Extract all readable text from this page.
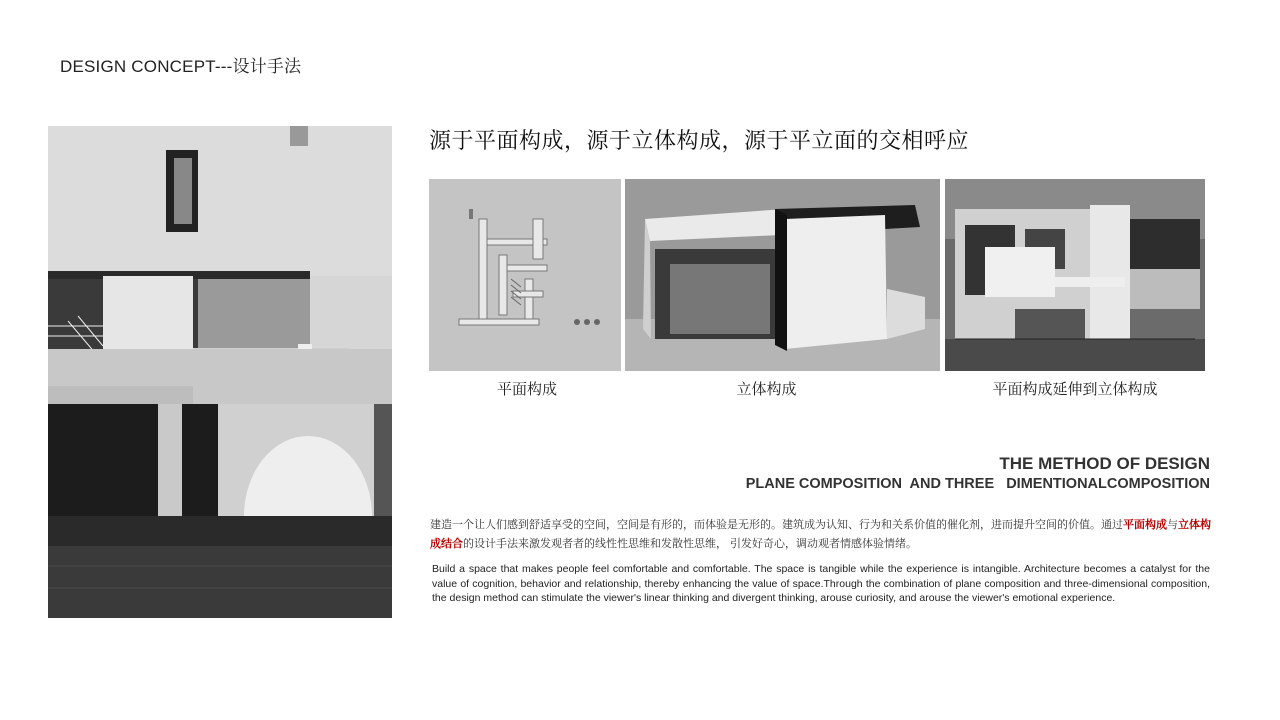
DESIGN CONCEPT---设计手法
源于平面构成，源于立体构成，源于平立面的交相呼应
平面构成	立体构成	平面构成延伸到立体构成
THE METHOD OF DESIGN
PLANE COMPOSITION  AND THREE   DIMENTIONALCOMPOSITION
建造一个让人们感到舒适享受的空间，空间是有形的，而体验是无形的。建筑成为认知、行为和关系价值的催化剂，进而提升空间的价值。通过平面构成与立体构成结合的设计手法来激发观者者的线性性思维和发散性思维， 引发好奇心，调动观者情感体验情绪。
Build a space that makes people feel comfortable and comfortable. The space is tangible while the experience is intangible. Architecture becomes a catalyst for the value of cognition, behavior and relationship, thereby enhancing the value of space.Through the combination of plane composition and three-dimensional composition, the design method can stimulate the viewer's linear thinking and divergent thinking, arouse curiosity, and arouse the viewer's emotional experience.
